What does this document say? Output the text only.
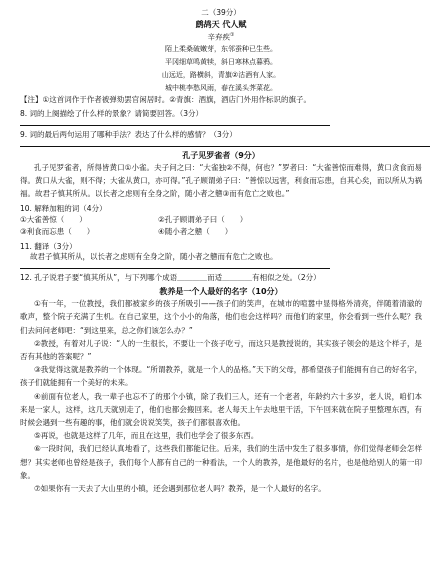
二（39分）
鹧鸪天 代人赋
辛弃疾①
陌上柔桑破嫩芽，东邻蚕种已生些。
平冈细草鸣黄犊，斜日寒林点暮鸦。
山远近，路横斜，青旗②沽酒有人家。
城中桃李愁风雨，春在溪头荠菜花。
【注】①这首词作于作者被弹劾罢官闲居时。②青旗：酒旗，酒店门外用作标识的旗子。
8. 词的上阕描绘了什么样的景象？请简要回答。（3分）
9. 词的最后两句运用了哪种手法？表达了什么样的感情？（3分）
孔子见罗雀者（9分）
孔子见罗雀者，所得皆黄口①小雀。夫子问之曰：“大雀独②不得，何也？”罗者曰：“大雀善惊而难得，黄口贪食而易得。黄口从大雀，则不得；大雀从黄口，亦可得。”孔子顾谓弟子曰：“善惊以远害，利食而忘患，自其心矣，而以所从为祸福。故君子慎其所从。以长者之虑则有全身之阶，随小者之戆③而有危亡之败也。”
10. 解释加粗的词（4分）
①大雀善惊（　　）	②孔子顾谓弟子曰（　　）
③利食而忘患（　　）	④随小者之戆（　　）
11. 翻译（3分）
故君子慎其所从，以长者之虑则有全身之阶，随小者之戆而有危亡之败也。
12. 孔子说君子要“慎其所从”，与下列哪个成语＿＿＿＿而适＿＿＿＿有相似之处。（2分）
教养是一个人最好的名字（10分）
①有一年，一位教授，我们都被家乡的孩子所吸引——孩子们的笑声，在城市的喧嚣中显得格外清亮，伴随着清澈的歌声，整个院子充满了生机。在自己家里，这个小小的角落，他们也会这样吗？而他们的家里，你会看到一些什么呢？我们去问问老师吧：“到这里来，总之你们该怎么办？”
②教授，有着对儿子说：“人的一生很长，不要让一个孩子吃亏，而这只是教授说的，其实孩子领会的是这个样子，是否有其他的答案呢？”
③我觉得这就是教养的一个体现。“所谓教养，就是一个人的品格。”天下的父母，都希望孩子们能拥有自己的好名字，孩子们就能拥有一个美好的未来。
④前面有位老人，我一辈子也忘不了的那个小镇，除了我们三人，还有一个老者，年龄约六十多岁，老人说，咱们本来是一家人，这样，这几天就别走了，他们也都会搬回来。老人每天上午去地里干活，下午回来就在院子里整理东西，有时候会遇到一些有趣的事，他们就会说说笑笑，孩子们都很喜欢他。
⑤再说，也就是这样了几年，而且在这里，我们也学会了很多东西。
⑥一段时间，我们已经认真地看了，这些我们都能记住。后来，我们的生活中发生了很多事情，你们觉得老师会怎样想？其实老师也曾经是孩子，我们每个人都有自己的一种看法，一个人的教养，是他最好的名片，也是他给别人的第一印象。
⑦如果你有一天去了大山里的小镇，还会遇到那位老人吗？教养，是一个人最好的名字。
